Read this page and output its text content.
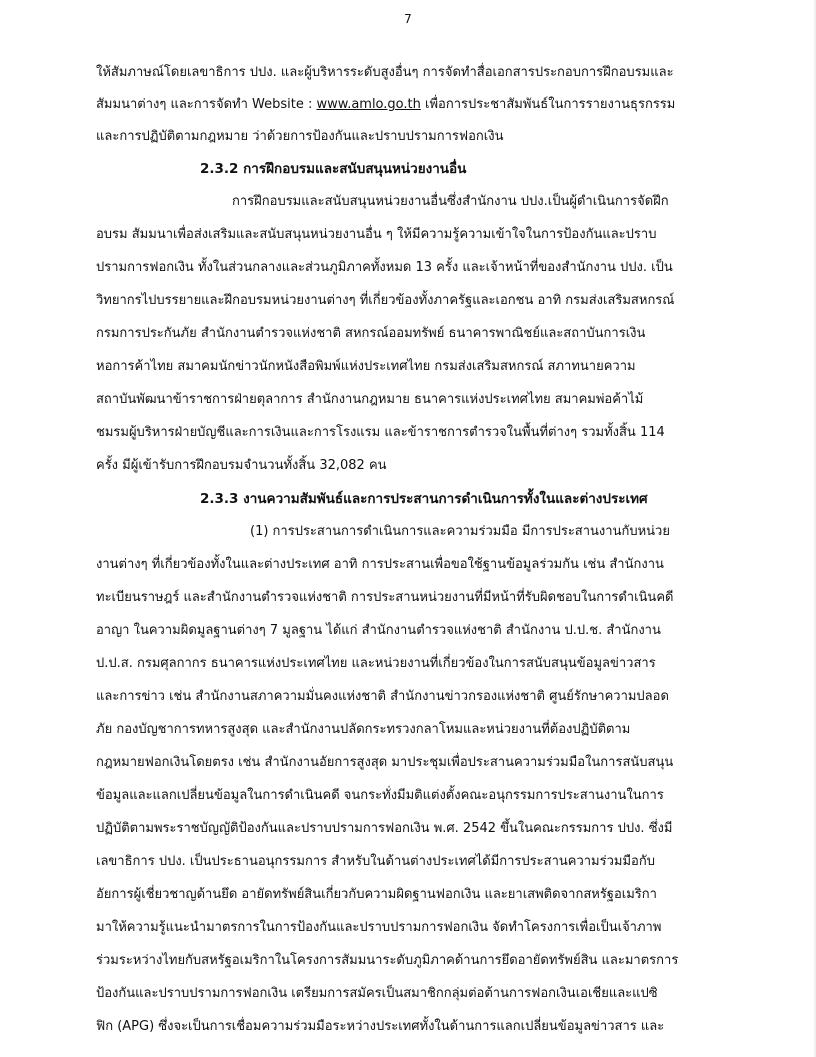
7
ให้สัมภาษณ์โดยเลขาธิการ ปปง. และผู้บริหารระดับสูงอื่นๆ การจัดทำสื่อเอกสารประกอบการฝึกอบรมและ
สัมมนาต่างๆ และการจัดทำ Website : www.amlo.go.th เพื่อการประชาสัมพันธ์ในการรายงานธุรกรรม
และการปฏิบัติตามกฎหมาย ว่าด้วยการป้องกันและปราบปรามการฟอกเงิน
2.3.2 การฝึกอบรมและสนับสนุนหน่วยงานอื่น
การฝึกอบรมและสนับสนุนหน่วยงานอื่นซึ่งสำนักงาน ปปง.เป็นผู้ดำเนินการจัดฝึก
อบรม สัมมนาเพื่อส่งเสริมและสนับสนุนหน่วยงานอื่น ๆ ให้มีความรู้ความเข้าใจในการป้องกันและปราบ
ปรามการฟอกเงิน ทั้งในส่วนกลางและส่วนภูมิภาคทั้งหมด 13 ครั้ง และเจ้าหน้าที่ของสำนักงาน ปปง. เป็น
วิทยากรไปบรรยายและฝึกอบรมหน่วยงานต่างๆ ที่เกี่ยวข้องทั้งภาครัฐและเอกชน อาทิ กรมส่งเสริมสหกรณ์
กรมการประกันภัย สำนักงานตำรวจแห่งชาติ สหกรณ์ออมทรัพย์ ธนาคารพาณิชย์และสถาบันการเงิน
หอการค้าไทย สมาคมนักข่าวนักหนังสือพิมพ์แห่งประเทศไทย กรมส่งเสริมสหกรณ์ สภาทนายความ
สถาบันพัฒนาข้าราชการฝ่ายตุลาการ สำนักงานกฎหมาย ธนาคารแห่งประเทศไทย สมาคมพ่อค้าไม้
ชมรมผู้บริหารฝ่ายบัญชีและการเงินและการโรงแรม และข้าราชการตำรวจในพื้นที่ต่างๆ รวมทั้งสิ้น 114
ครั้ง มีผู้เข้ารับการฝึกอบรมจำนวนทั้งสิ้น 32,082 คน
2.3.3 งานความสัมพันธ์และการประสานการดำเนินการทั้งในและต่างประเทศ
(1) การประสานการดำเนินการและความร่วมมือ มีการประสานงานกับหน่วย
งานต่างๆ ที่เกี่ยวข้องทั้งในและต่างประเทศ อาทิ การประสานเพื่อขอใช้ฐานข้อมูลร่วมกัน เช่น สำนักงาน
ทะเบียนราษฎร์ และสำนักงานตำรวจแห่งชาติ การประสานหน่วยงานที่มีหน้าที่รับผิดชอบในการดำเนินคดี
อาญา ในความผิดมูลฐานต่างๆ 7 มูลฐาน ได้แก่ สำนักงานตำรวจแห่งชาติ สำนักงาน ป.ป.ช. สำนักงาน
ป.ป.ส. กรมศุลกากร ธนาคารแห่งประเทศไทย และหน่วยงานที่เกี่ยวข้องในการสนับสนุนข้อมูลข่าวสาร
และการข่าว เช่น สำนักงานสภาความมั่นคงแห่งชาติ สำนักงานข่าวกรองแห่งชาติ ศูนย์รักษาความปลอด
ภัย กองบัญชาการทหารสูงสุด และสำนักงานปลัดกระทรวงกลาโหมและหน่วยงานที่ต้องปฏิบัติตาม
กฎหมายฟอกเงินโดยตรง เช่น สำนักงานอัยการสูงสุด มาประชุมเพื่อประสานความร่วมมือในการสนับสนุน
ข้อมูลและแลกเปลี่ยนข้อมูลในการดำเนินคดี จนกระทั่งมีมติแต่งตั้งคณะอนุกรรมการประสานงานในการ
ปฏิบัติตามพระราชบัญญัติป้องกันและปราบปรามการฟอกเงิน พ.ศ. 2542 ขึ้นในคณะกรรมการ ปปง. ซึ่งมี
เลขาธิการ ปปง. เป็นประธานอนุกรรมการ สำหรับในด้านต่างประเทศได้มีการประสานความร่วมมือกับ
อัยการผู้เชี่ยวชาญด้านยึด อายัดทรัพย์สินเกี่ยวกับความผิดฐานฟอกเงิน และยาเสพติดจากสหรัฐอเมริกา
มาให้ความรู้แนะนำมาตรการในการป้องกันและปราบปรามการฟอกเงิน จัดทำโครงการเพื่อเป็นเจ้าภาพ
ร่วมระหว่างไทยกับสหรัฐอเมริกาในโครงการสัมมนาระดับภูมิภาคด้านการยึดอายัดทรัพย์สิน และมาตรการ
ป้องกันและปราบปรามการฟอกเงิน เตรียมการสมัครเป็นสมาชิกกลุ่มต่อต้านการฟอกเงินเอเชียและแปซิ
ฟิก (APG) ซึ่งจะเป็นการเชื่อมความร่วมมือระหว่างประเทศทั้งในด้านการแลกเปลี่ยนข้อมูลข่าวสาร และ
